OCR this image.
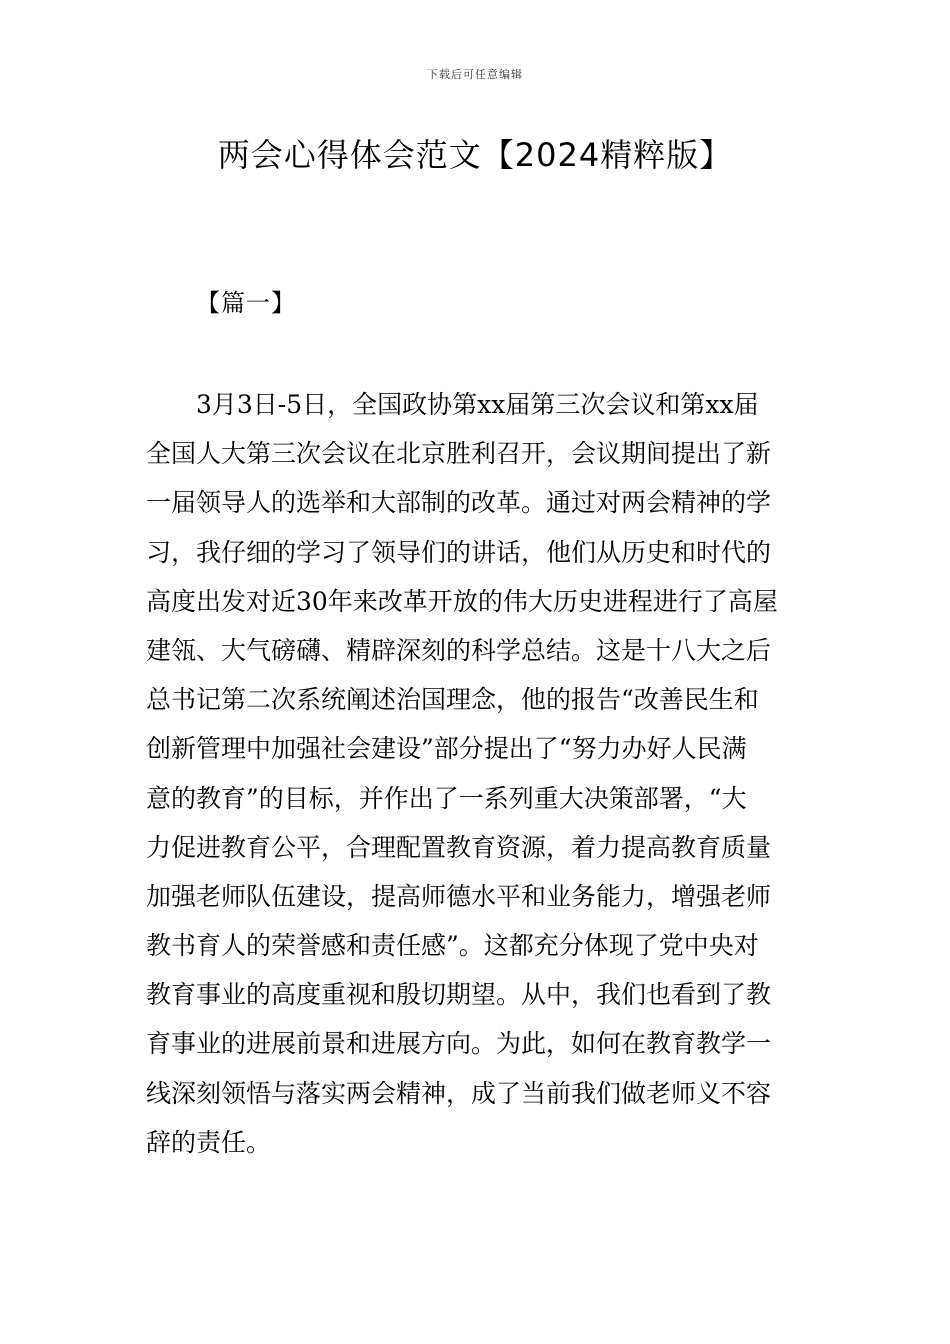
下载后可任意编辑
两会心得体会范文【2024精粹版】
【篇一】
3月3日-5日，全国政协第xx届第三次会议和第xx届
全国人大第三次会议在北京胜利召开，会议期间提出了新
一届领导人的选举和大部制的改革。通过对两会精神的学
习，我仔细的学习了领导们的讲话，他们从历史和时代的
高度出发对近30年来改革开放的伟大历史进程进行了高屋
建瓴、大气磅礴、精辟深刻的科学总结。这是十八大之后
总书记第二次系统阐述治国理念，他的报告“改善民生和
创新管理中加强社会建设”部分提出了“努力办好人民满
意的教育”的目标，并作出了一系列重大决策部署，“大
力促进教育公平，合理配置教育资源，着力提高教育质量
加强老师队伍建设，提高师德水平和业务能力，增强老师
教书育人的荣誉感和责任感”。这都充分体现了党中央对
教育事业的高度重视和殷切期望。从中，我们也看到了教
育事业的进展前景和进展方向。为此，如何在教育教学一
线深刻领悟与落实两会精神，成了当前我们做老师义不容
辞的责任。
